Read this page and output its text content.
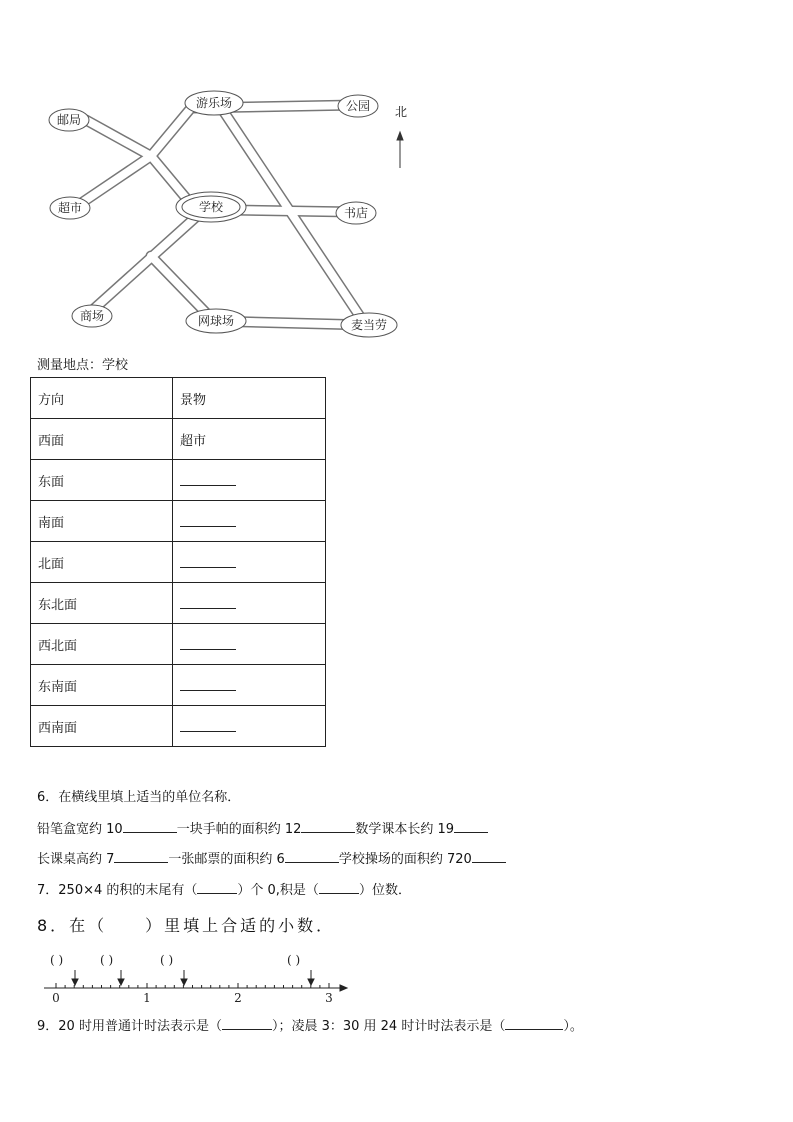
邮局
超市
游乐场	公园
学校	书店
商场	网球场	麦当劳
北
测量地点：学校
方向	景物
西面	超市
东面	
南面	
北面	
东北面	
西北面	
东南面	
西南面	
6．在横线里填上适当的单位名称．
铅笔盒宽约 10	一块手帕的面积约 12	数学课本长约 19
长课桌高约 7	一张邮票的面积约 6	学校操场的面积约 720
7．250×4 的积的末尾有（	）个 0,积是（	）位数．
8．在（　　）里填上合适的小数．
( )	( )	( )	( )
0	1	2	3
9．20 时用普通计时法表示是（	）；凌晨 3：30 用 24 时计时法表示是（	）。
